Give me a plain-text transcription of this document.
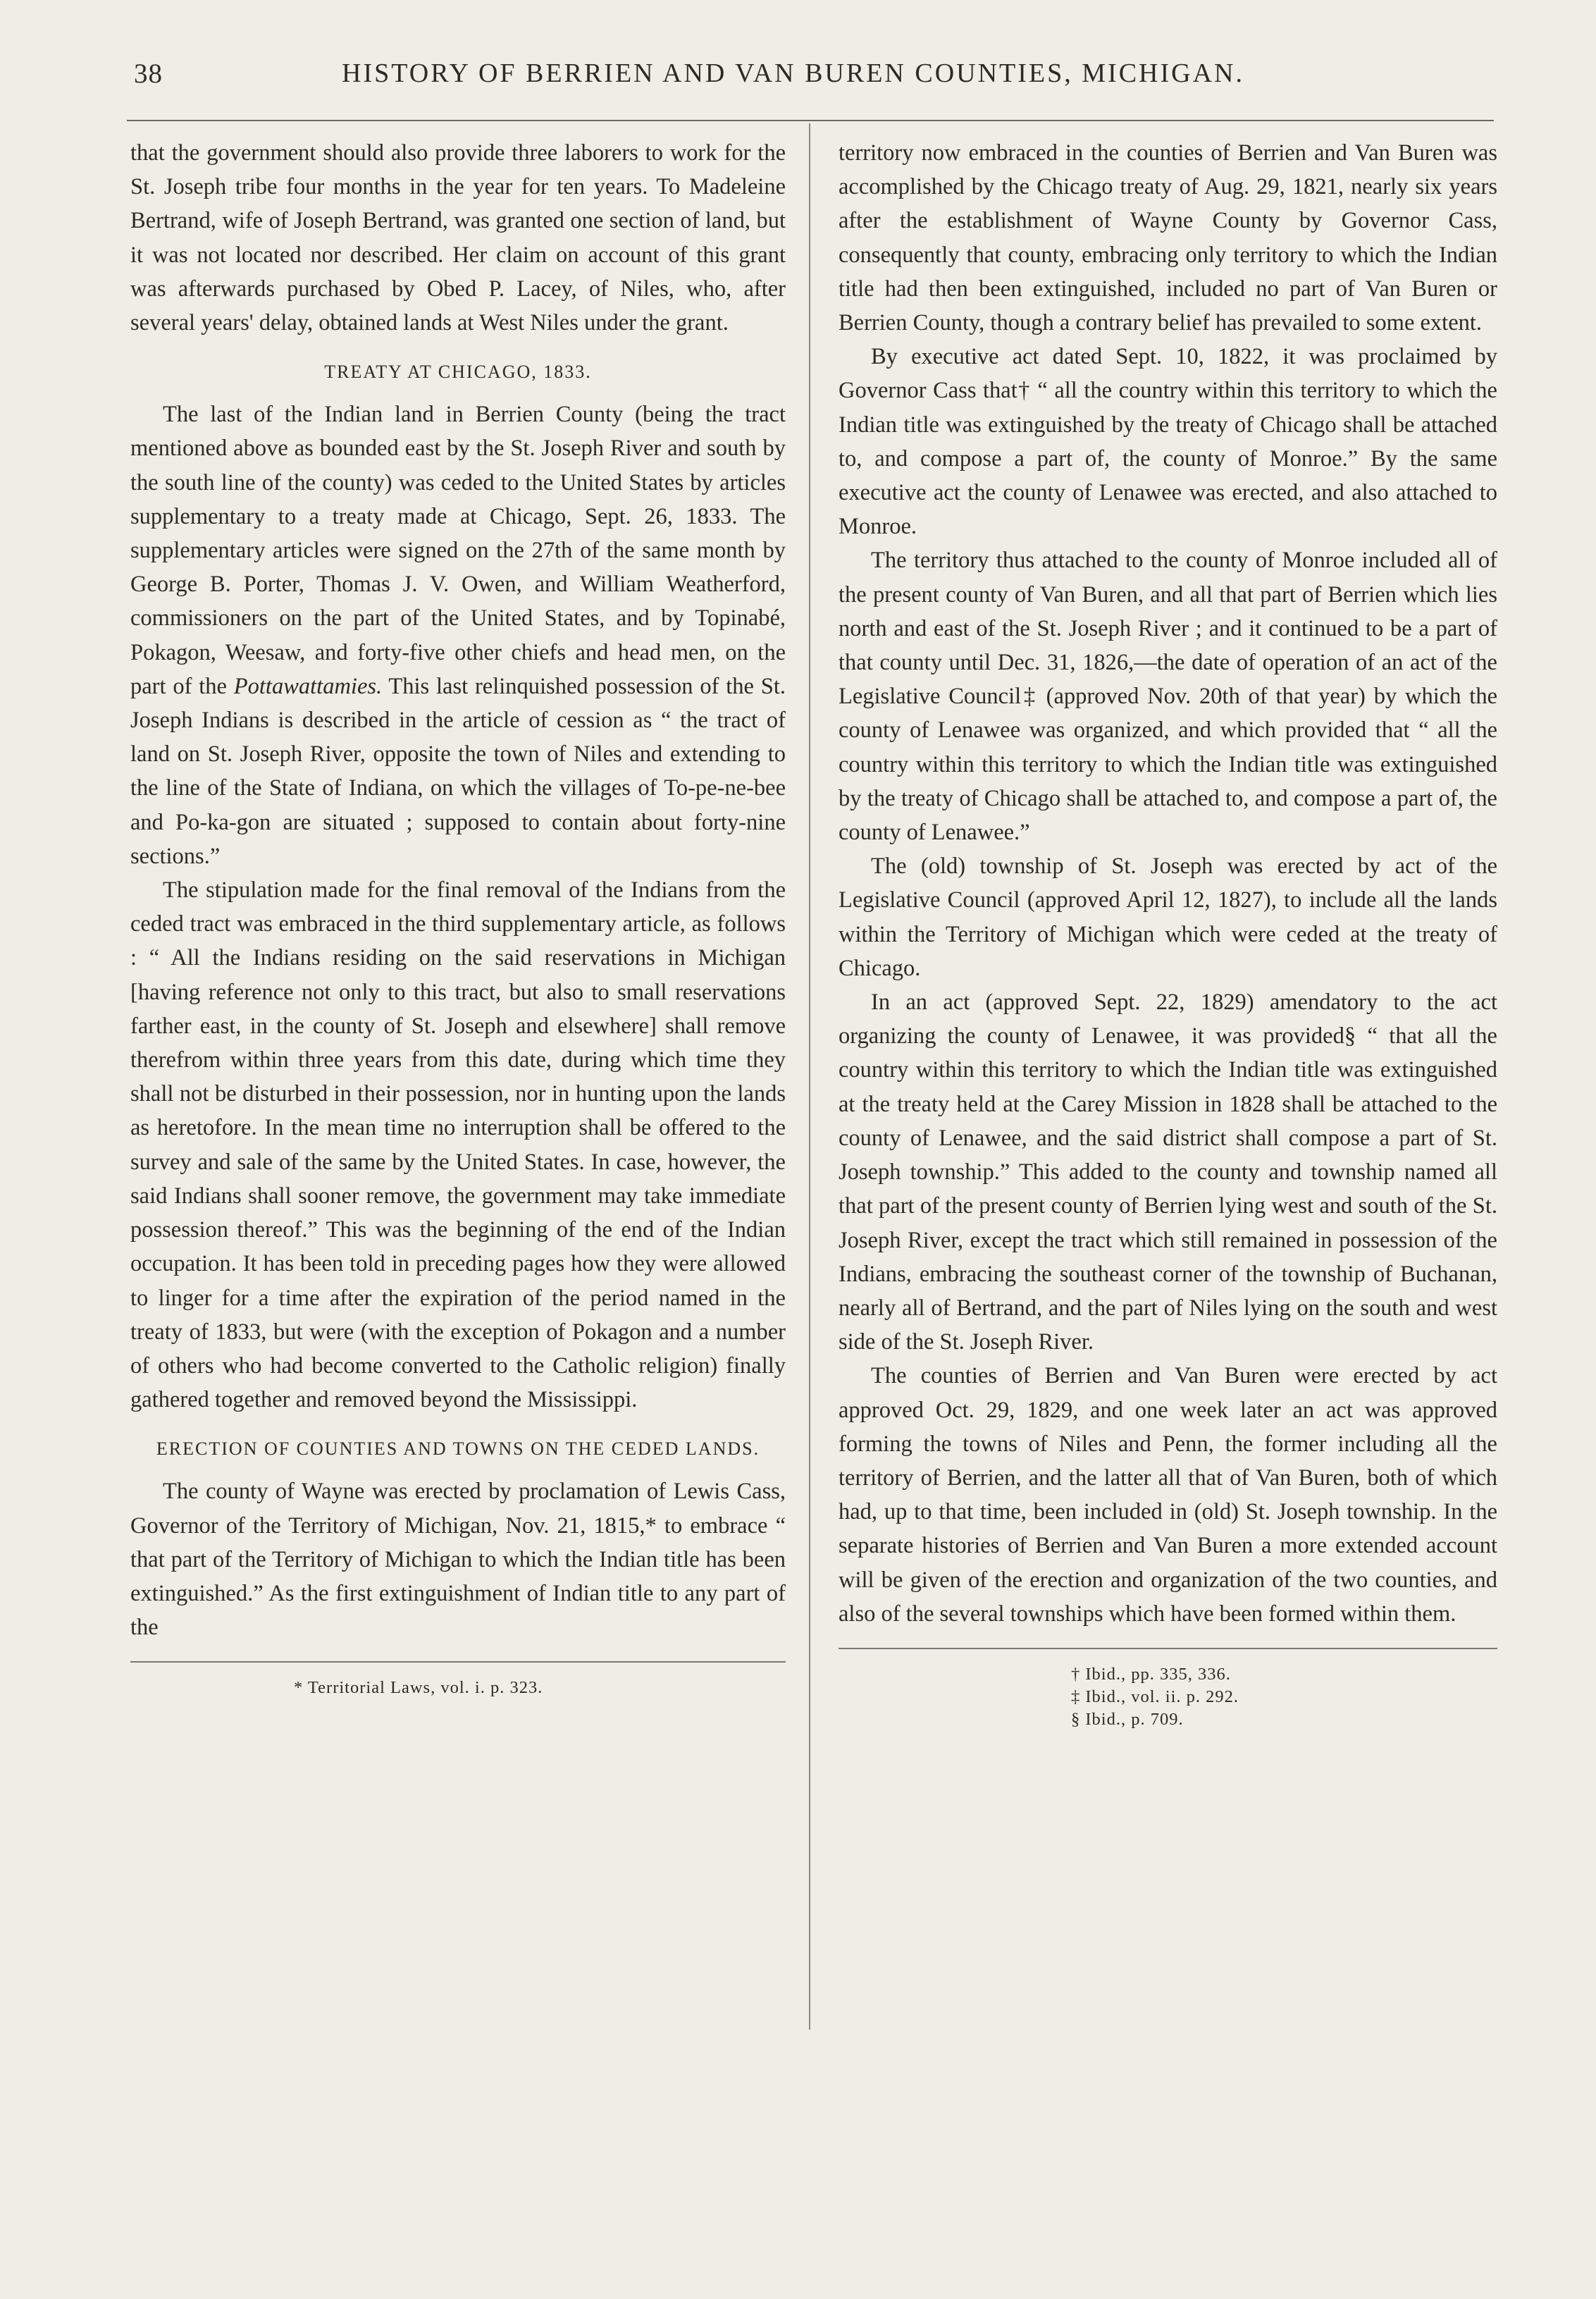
38	HISTORY OF BERRIEN AND VAN BUREN COUNTIES, MICHIGAN.

that the government should also provide three laborers to work for the St. Joseph tribe four months in the year for ten years. To Madeleine Bertrand, wife of Joseph Bertrand, was granted one section of land, but it was not located nor described. Her claim on account of this grant was afterwards purchased by Obed P. Lacey, of Niles, who, after several years' delay, obtained lands at West Niles under the grant.

TREATY AT CHICAGO, 1833.

The last of the Indian land in Berrien County (being the tract mentioned above as bounded east by the St. Joseph River and south by the south line of the county) was ceded to the United States by articles supplementary to a treaty made at Chicago, Sept. 26, 1833. The supplementary articles were signed on the 27th of the same month by George B. Porter, Thomas J. V. Owen, and William Weatherford, commissioners on the part of the United States, and by Topinabé, Pokagon, Weesaw, and forty-five other chiefs and head men, on the part of the Pottawattamies. This last relinquished possession of the St. Joseph Indians is described in the article of cession as “ the tract of land on St. Joseph River, opposite the town of Niles and extending to the line of the State of Indiana, on which the villages of To-pe-ne-bee and Po-ka-gon are situated ; supposed to contain about forty-nine sections.”

The stipulation made for the final removal of the Indians from the ceded tract was embraced in the third supplementary article, as follows : “ All the Indians residing on the said reservations in Michigan [having reference not only to this tract, but also to small reservations farther east, in the county of St. Joseph and elsewhere] shall remove therefrom within three years from this date, during which time they shall not be disturbed in their possession, nor in hunting upon the lands as heretofore. In the mean time no interruption shall be offered to the survey and sale of the same by the United States. In case, however, the said Indians shall sooner remove, the government may take immediate possession thereof.” This was the beginning of the end of the Indian occupation. It has been told in preceding pages how they were allowed to linger for a time after the expiration of the period named in the treaty of 1833, but were (with the exception of Pokagon and a number of others who had become converted to the Catholic religion) finally gathered together and removed beyond the Mississippi.

ERECTION OF COUNTIES AND TOWNS ON THE CEDED LANDS.

The county of Wayne was erected by proclamation of Lewis Cass, Governor of the Territory of Michigan, Nov. 21, 1815,* to embrace “ that part of the Territory of Michigan to which the Indian title has been extinguished.” As the first extinguishment of Indian title to any part of the

* Territorial Laws, vol. i. p. 323.

territory now embraced in the counties of Berrien and Van Buren was accomplished by the Chicago treaty of Aug. 29, 1821, nearly six years after the establishment of Wayne County by Governor Cass, consequently that county, embracing only territory to which the Indian title had then been extinguished, included no part of Van Buren or Berrien County, though a contrary belief has prevailed to some extent.

By executive act dated Sept. 10, 1822, it was proclaimed by Governor Cass that† “ all the country within this territory to which the Indian title was extinguished by the treaty of Chicago shall be attached to, and compose a part of, the county of Monroe.” By the same executive act the county of Lenawee was erected, and also attached to Monroe.

The territory thus attached to the county of Monroe included all of the present county of Van Buren, and all that part of Berrien which lies north and east of the St. Joseph River ; and it continued to be a part of that county until Dec. 31, 1826,—the date of operation of an act of the Legislative Council‡ (approved Nov. 20th of that year) by which the county of Lenawee was organized, and which provided that “ all the country within this territory to which the Indian title was extinguished by the treaty of Chicago shall be attached to, and compose a part of, the county of Lenawee.”

The (old) township of St. Joseph was erected by act of the Legislative Council (approved April 12, 1827), to include all the lands within the Territory of Michigan which were ceded at the treaty of Chicago.

In an act (approved Sept. 22, 1829) amendatory to the act organizing the county of Lenawee, it was provided§ “ that all the country within this territory to which the Indian title was extinguished at the treaty held at the Carey Mission in 1828 shall be attached to the county of Lenawee, and the said district shall compose a part of St. Joseph township.” This added to the county and township named all that part of the present county of Berrien lying west and south of the St. Joseph River, except the tract which still remained in possession of the Indians, embracing the southeast corner of the township of Buchanan, nearly all of Bertrand, and the part of Niles lying on the south and west side of the St. Joseph River.

The counties of Berrien and Van Buren were erected by act approved Oct. 29, 1829, and one week later an act was approved forming the towns of Niles and Penn, the former including all the territory of Berrien, and the latter all that of Van Buren, both of which had, up to that time, been included in (old) St. Joseph township. In the separate histories of Berrien and Van Buren a more extended account will be given of the erection and organization of the two counties, and also of the several townships which have been formed within them.

† Ibid., pp. 335, 336.
‡ Ibid., vol. ii. p. 292.
§ Ibid., p. 709.
